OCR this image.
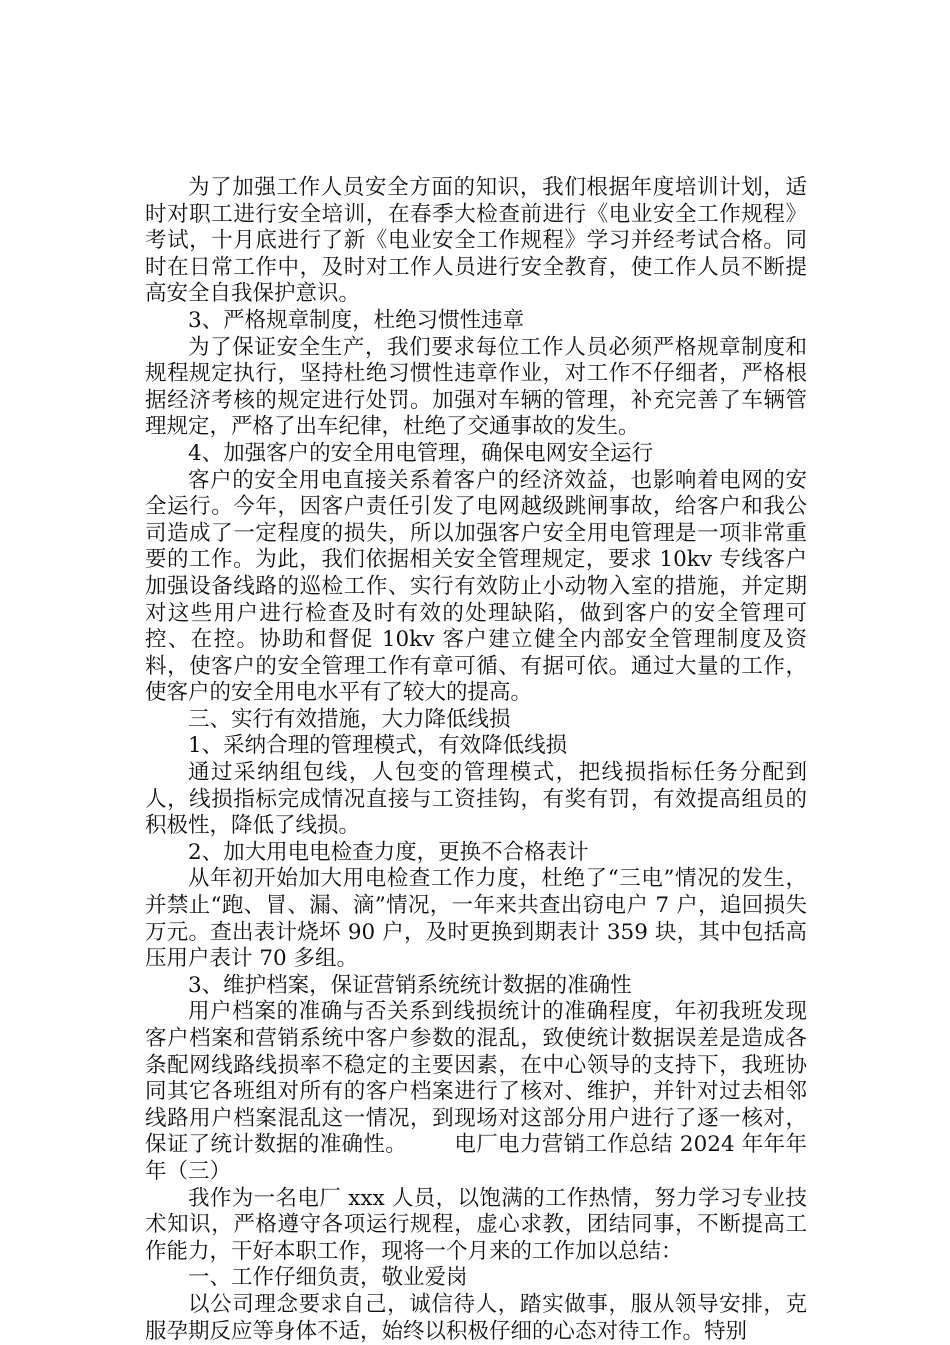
为了加强工作人员安全方面的知识，我们根据年度培训计划，适时对职工进行安全培训，在春季大检查前进行《电业安全工作规程》考试，十月底进行了新《电业安全工作规程》学习并经考试合格。同时在日常工作中，及时对工作人员进行安全教育，使工作人员不断提高安全自我保护意识。

3、严格规章制度，杜绝习惯性违章

为了保证安全生产，我们要求每位工作人员必须严格规章制度和规程规定执行，坚持杜绝习惯性违章作业，对工作不仔细者，严格根据经济考核的规定进行处罚。加强对车辆的管理，补充完善了车辆管理规定，严格了出车纪律，杜绝了交通事故的发生。

4、加强客户的安全用电管理，确保电网安全运行

客户的安全用电直接关系着客户的经济效益，也影响着电网的安全运行。今年，因客户责任引发了电网越级跳闸事故，给客户和我公司造成了一定程度的损失，所以加强客户安全用电管理是一项非常重要的工作。为此，我们依据相关安全管理规定，要求 10kv 专线客户加强设备线路的巡检工作、实行有效防止小动物入室的措施，并定期对这些用户进行检查及时有效的处理缺陷，做到客户的安全管理可控、在控。协助和督促 10kv 客户建立健全内部安全管理制度及资料，使客户的安全管理工作有章可循、有据可依。通过大量的工作，使客户的安全用电水平有了较大的提高。

三、实行有效措施，大力降低线损

1、采纳合理的管理模式，有效降低线损

通过采纳组包线，人包变的管理模式，把线损指标任务分配到人，线损指标完成情况直接与工资挂钩，有奖有罚，有效提高组员的积极性，降低了线损。

2、加大用电电检查力度，更换不合格表计

从年初开始加大用电检查工作力度，杜绝了“三电”情况的发生，并禁止“跑、冒、漏、滴”情况，一年来共查出窃电户 7 户，追回损失万元。查出表计烧坏 90 户，及时更换到期表计 359 块，其中包括高压用户表计 70 多组。

3、维护档案，保证营销系统统计数据的准确性

用户档案的准确与否关系到线损统计的准确程度，年初我班发现客户档案和营销系统中客户参数的混乱，致使统计数据误差是造成各条配网线路线损率不稳定的主要因素，在中心领导的支持下，我班协同其它各班组对所有的客户档案进行了核对、维护，并针对过去相邻线路用户档案混乱这一情况，到现场对这部分用户进行了逐一核对，保证了统计数据的准确性。 电厂电力营销工作总结 2024 年年年年（三）

我作为一名电厂 xxx 人员，以饱满的工作热情，努力学习专业技术知识，严格遵守各项运行规程，虚心求教，团结同事，不断提高工作能力，干好本职工作，现将一个月来的工作加以总结：

一、工作仔细负责，敬业爱岗

以公司理念要求自己，诚信待人，踏实做事，服从领导安排，克服孕期反应等身体不适，始终以积极仔细的心态对待工作。特别
